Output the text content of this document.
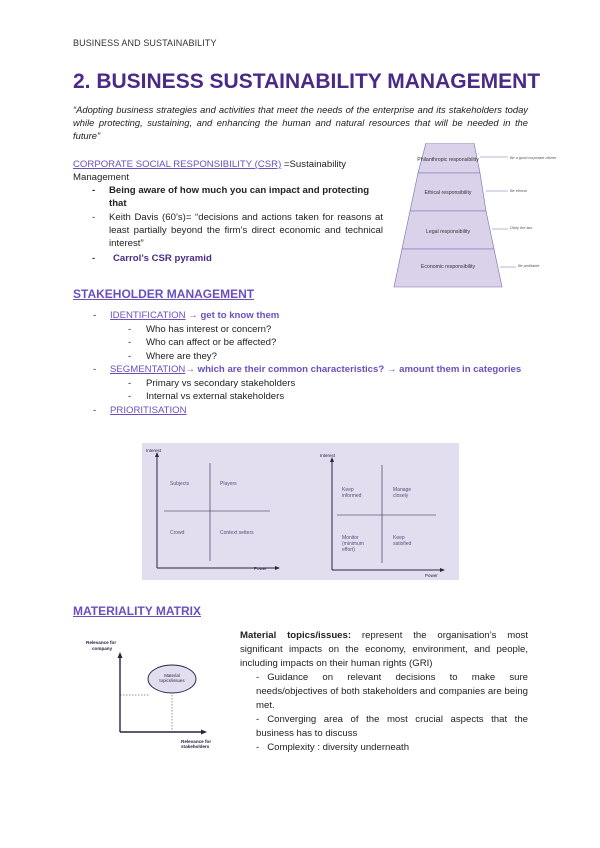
BUSINESS AND SUSTAINABILITY
2. BUSINESS SUSTAINABILITY MANAGEMENT
“Adopting business strategies and activities that meet the needs of the enterprise and its stakeholders today while protecting, sustaining, and enhancing the human and natural resources that will be needed in the future”
CORPORATE SOCIAL RESPONSIBILITY (CSR) =Sustainability Management
- Being aware of how much you can impact and protecting that
- Keith Davis (60’s)= “decisions and actions taken for reasons at least partially beyond the firm’s direct economic and technical interest”
- Carrol’s CSR pyramid
Philanthropic responsibility
Ethical responsibility
Legal responsibility
Economic responsibility
Be a good corporate citizen
Be ethical
Obey the law
Be profitable
STAKEHOLDER MANAGEMENT
- IDENTIFICATION → get to know them
- Who has interest or concern?
- Who can affect or be affected?
- Where are they?
- SEGMENTATION→ which are their common characteristics? → amount them in categories
- Primary vs secondary stakeholders
- Internal vs external stakeholders
- PRIORITISATION
Interest
Power
Subjects	Players
Crowd	Context setters
Interest
Power
Keep informed
Manage closely
Monitor (minimum effort)
Keep satisfied
MATERIALITY MATRIX
Relevance for company
Material topics/issues
Relevance for stakeholders

Material topics/issues: represent the organisation’s most significant impacts on the economy, environment, and people, including impacts on their human rights (GRI)

- Guidance on relevant decisions to make sure needs/objectives of both stakeholders and companies are being met.

- Converging area of the most crucial aspects that the business has to discuss

- Complexity : diversity underneath
